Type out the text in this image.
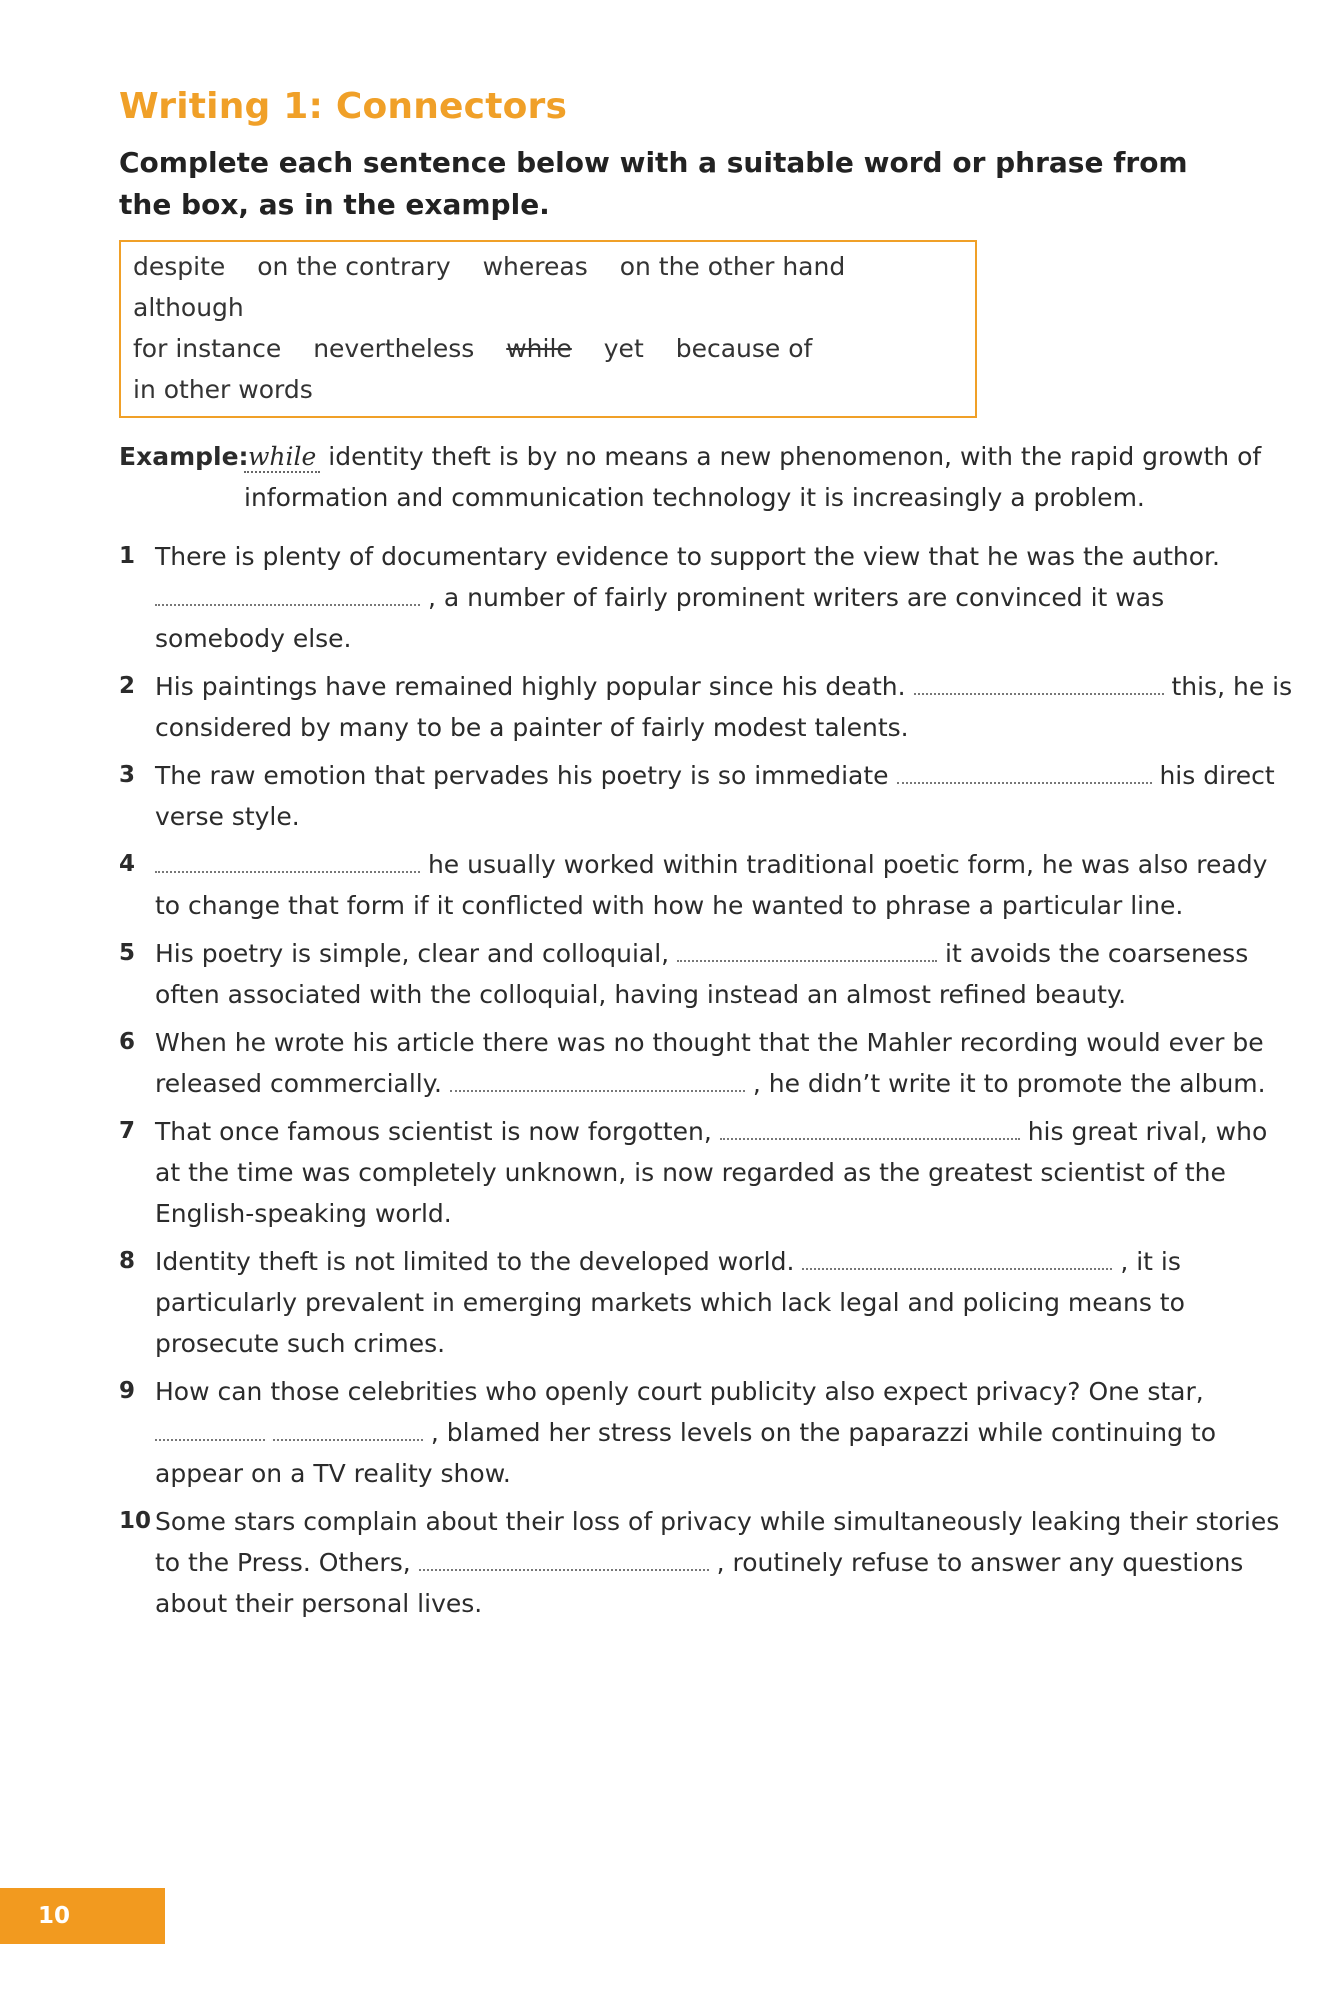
Writing 1: Connectors

Complete each sentence below with a suitable word or phrase from the box, as in the example.

despite on the contrary whereas on the other hand although
for instance nevertheless while yet because of in other words
Example: while identity theft is by no means a new phenomenon, with the rapid growth of information and communication technology it is increasingly a problem.
1 There is plenty of documentary evidence to support the view that he was the author.
, a number of fairly prominent writers are convinced it was somebody else.
2 His paintings have remained highly popular since his death.	this, he is considered by many to be a painter of fairly modest talents.
3 The raw emotion that pervades his poetry is so immediate	his direct verse style.
4	he usually worked within traditional poetic form, he was also ready to change that form if it conflicted with how he wanted to phrase a particular line.
5 His poetry is simple, clear and colloquial,	it avoids the coarseness often associated with the colloquial, having instead an almost refined beauty.
6 When he wrote his article there was no thought that the Mahler recording would ever be released commercially.	, he didn’t write it to promote the album.
7 That once famous scientist is now forgotten,	his great rival, who at the time was completely unknown, is now regarded as the greatest scientist of the English-speaking world.
8 Identity theft is not limited to the developed world.	, it is particularly prevalent in emerging markets which lack legal and policing means to prosecute such crimes.
9 How can those celebrities who openly court publicity also expect privacy? One star,   , blamed her stress levels on the paparazzi while continuing to appear on a TV reality show.
10 Some stars complain about their loss of privacy while simultaneously leaking their stories to the Press. Others,	, routinely refuse to answer any questions about their personal lives.
10
